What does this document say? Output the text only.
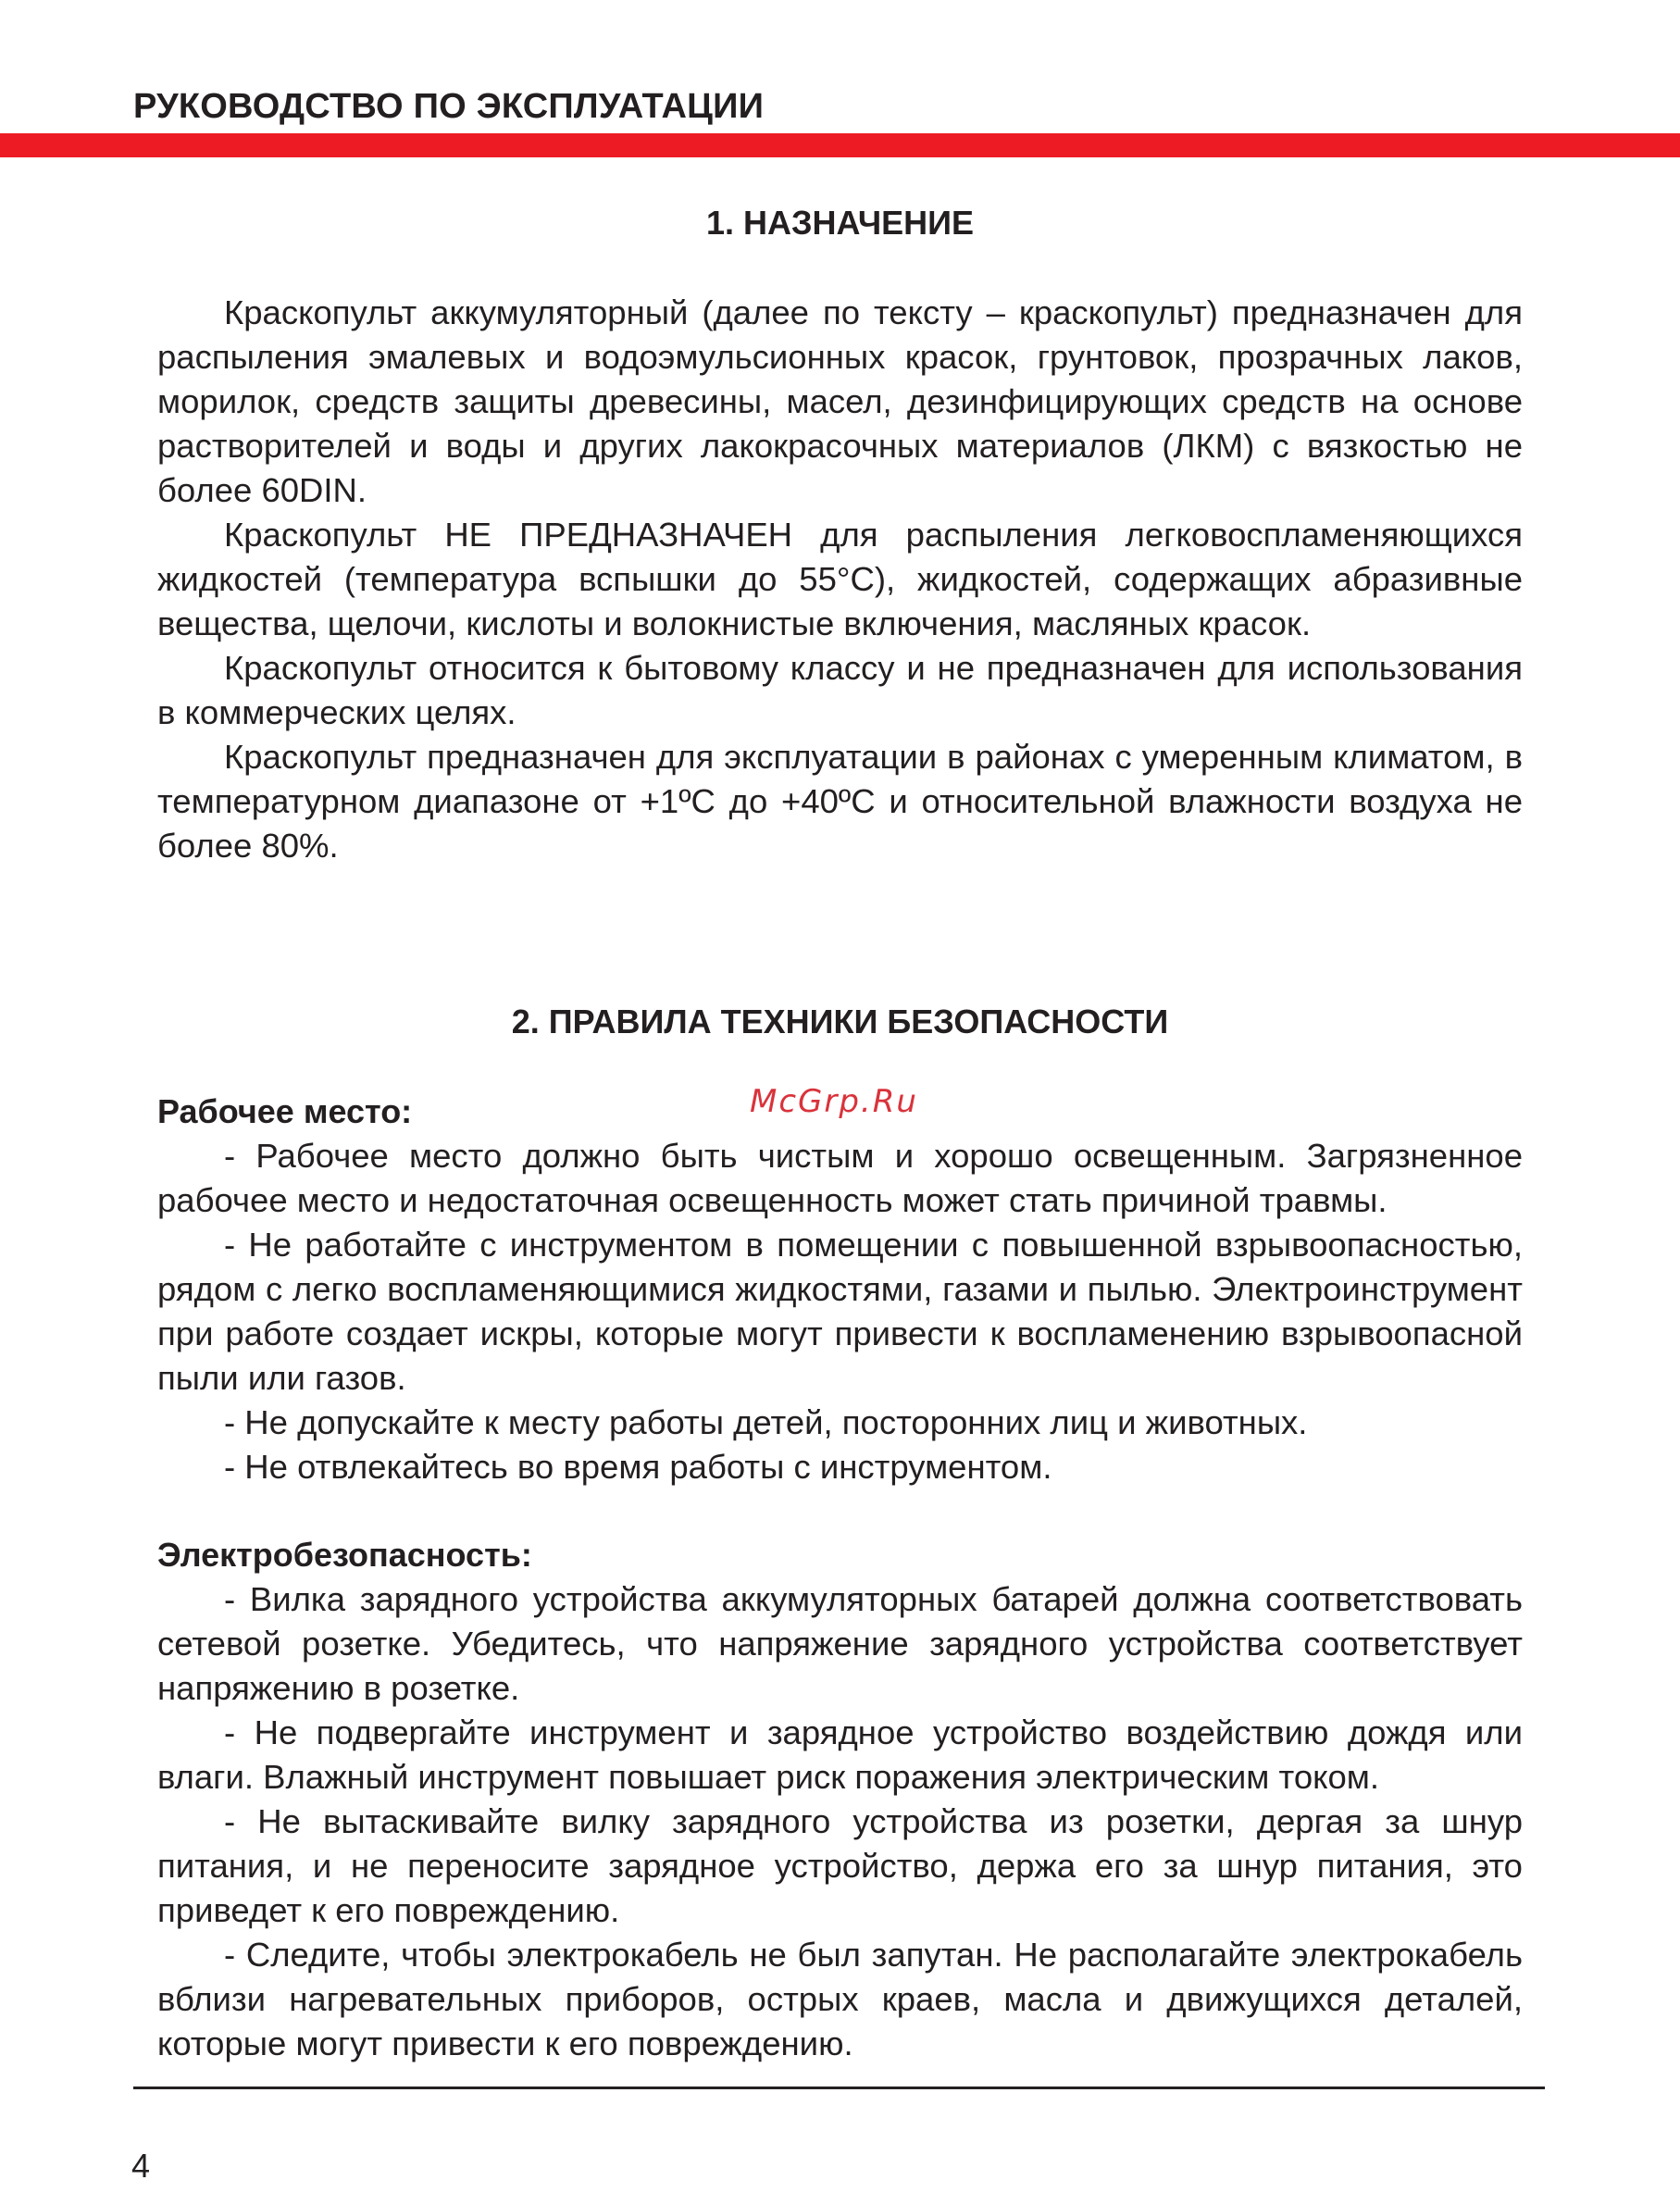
РУКОВОДСТВО ПО ЭКСПЛУАТАЦИИ
1. НАЗНАЧЕНИЕ

Краскопульт аккумуляторный (далее по тексту – краскопульт) предназначен для распыления эмалевых и водоэмульсионных красок, грунтовок, прозрачных лаков, морилок, средств защиты древесины, масел, дезинфицирующих средств на основе растворителей и воды и других лакокрасочных материалов (ЛКМ) с вязкостью не более 60DIN.

Краскопульт НЕ ПРЕДНАЗНАЧЕН для распыления легковоспламеняющихся жидкостей (температура вспышки до 55°С), жидкостей, содержащих абразивные вещества, щелочи, кислоты и волокнистые включения, масляных красок.

Краскопульт относится к бытовому классу и не предназначен для использования в коммерческих целях.

Краскопульт предназначен для эксплуатации в районах с умеренным климатом, в температурном диапазоне от +1ºС до +40ºС и относительной влажности воздуха не более 80%.

2. ПРАВИЛА ТЕХНИКИ БЕЗОПАСНОСТИ
Рабочее место:	McGrp.Ru

- Рабочее место должно быть чистым и хорошо освещенным. Загрязненное рабочее место и недостаточная освещенность может стать причиной травмы.

- Не работайте с инструментом в помещении с повышенной взрывоопасностью, рядом с легко воспламеняющимися жидкостями, газами и пылью. Электроинструмент при работе создает искры, которые могут привести к воспламенению взрывоопасной пыли или газов.

- Не допускайте к месту работы детей, посторонних лиц и животных.

- Не отвлекайтесь во время работы с инструментом.

Электробезопасность:

- Вилка зарядного устройства аккумуляторных батарей должна соответствовать сетевой розетке. Убедитесь, что напряжение зарядного устройства соответствует напряжению в розетке.

- Не подвергайте инструмент и зарядное устройство воздействию дождя или влаги. Влажный инструмент повышает риск поражения электрическим током.

- Не вытаскивайте вилку зарядного устройства из розетки, дергая за шнур питания, и не переносите зарядное устройство, держа его за шнур питания, это приведет к его повреждению.

- Следите, чтобы электрокабель не был запутан. Не располагайте электрокабель вблизи нагревательных приборов, острых краев, масла и движущихся деталей, которые могут привести к его повреждению.

4
